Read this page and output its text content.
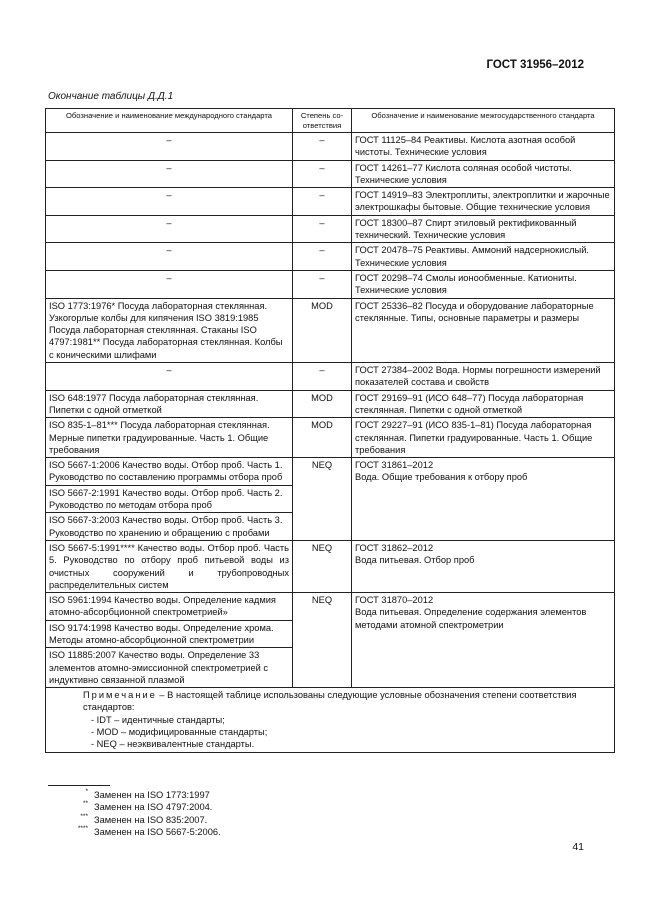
ГОСТ 31956–2012
Окончание таблицы Д.Д.1
Обозначение и наименование международного стандарта	Степень со-ответствия	Обозначение и наименование межгосударственного стандарта
–	–	ГОСТ 11125–84 Реактивы. Кислота азотная особой чистоты. Технические условия
–	–	ГОСТ 14261–77 Кислота соляная особой чистоты. Технические условия
–	–	ГОСТ 14919–83 Электроплиты, электроплитки и жарочные электрошкафы бытовые. Общие технические условия
–	–	ГОСТ 18300–87 Спирт этиловый ректификованный технический. Технические условия
–	–	ГОСТ 20478–75 Реактивы. Аммоний надсернокислый. Технические условия
–	–	ГОСТ 20298–74 Смолы ионообменные. Катиониты. Технические условия
ISO 1773:1976* Посуда лабораторная стеклянная. Узкогорлые колбы для кипячения ISO 3819:1985 Посуда лабораторная стеклянная. Стаканы ISO 4797:1981** Посуда лабораторная стеклянная. Колбы с коническими шлифами	MOD	ГОСТ 25336–82 Посуда и оборудование лабораторные стеклянные. Типы, основные параметры и размеры
–	–	ГОСТ 27384–2002 Вода. Нормы погрешности измерений показателей состава и свойств
ISO 648:1977 Посуда лабораторная стеклянная. Пипетки с одной отметкой	MOD	ГОСТ 29169–91 (ИСО 648–77) Посуда лабораторная стеклянная. Пипетки с одной отметкой
ISO 835-1–81*** Посуда лабораторная стеклянная. Мерные пипетки градуированные. Часть 1. Общие требования	MOD	ГОСТ 29227–91 (ИСО 835-1–81) Посуда лабораторная стеклянная. Пипетки градуированные. Часть 1. Общие требования
ISO 5667-1:2006 Качество воды. Отбор проб. Часть 1. Руководство по составлению программы отбора проб	NEQ	ГОСТ 31861–2012
Вода. Общие требования к отбору проб

ISO 5667-2:1991 Качество воды. Отбор проб. Часть 2. Руководство по методам отбора проб		
ISO 5667-3:2003 Качество воды. Отбор проб. Часть 3. Руководство по хранению и обращению с пробами		
ISO 5667-5:1991**** Качество воды. Отбор проб. Часть 5. Руководство по отбору проб питьевой воды из очистных сооружений и трубопроводных распределительных систем	NEQ	ГОСТ 31862–2012
Вода питьевая. Отбор проб

ISO 5961:1994 Качество воды. Определение кадмия атомно-абсорбционной спектрометрией»	NEQ	ГОСТ 31870–2012
Вода питьевая. Определение содержания элементов методами атомной спектрометрии

ISO 9174:1998 Качество воды. Определение хрома. Методы атомно-абсорбционной спектрометрии		
ISO 11885:2007 Качество воды. Определение 33 элементов атомно-эмиссионной спектрометрией с индуктивно связанной плазмой		

Примечание – В настоящей таблице использованы следующие условные обозначения степени соответствия стандартов:
- IDT – идентичные стандарты;
- MOD – модифицированные стандарты;
- NEQ – неэквивалентные стандарты.		
* Заменен на ISO 1773:1997
** Заменен на ISO 4797:2004.
*** Заменен на ISO 835:2007.
**** Заменен на ISO 5667-5:2006.
41
